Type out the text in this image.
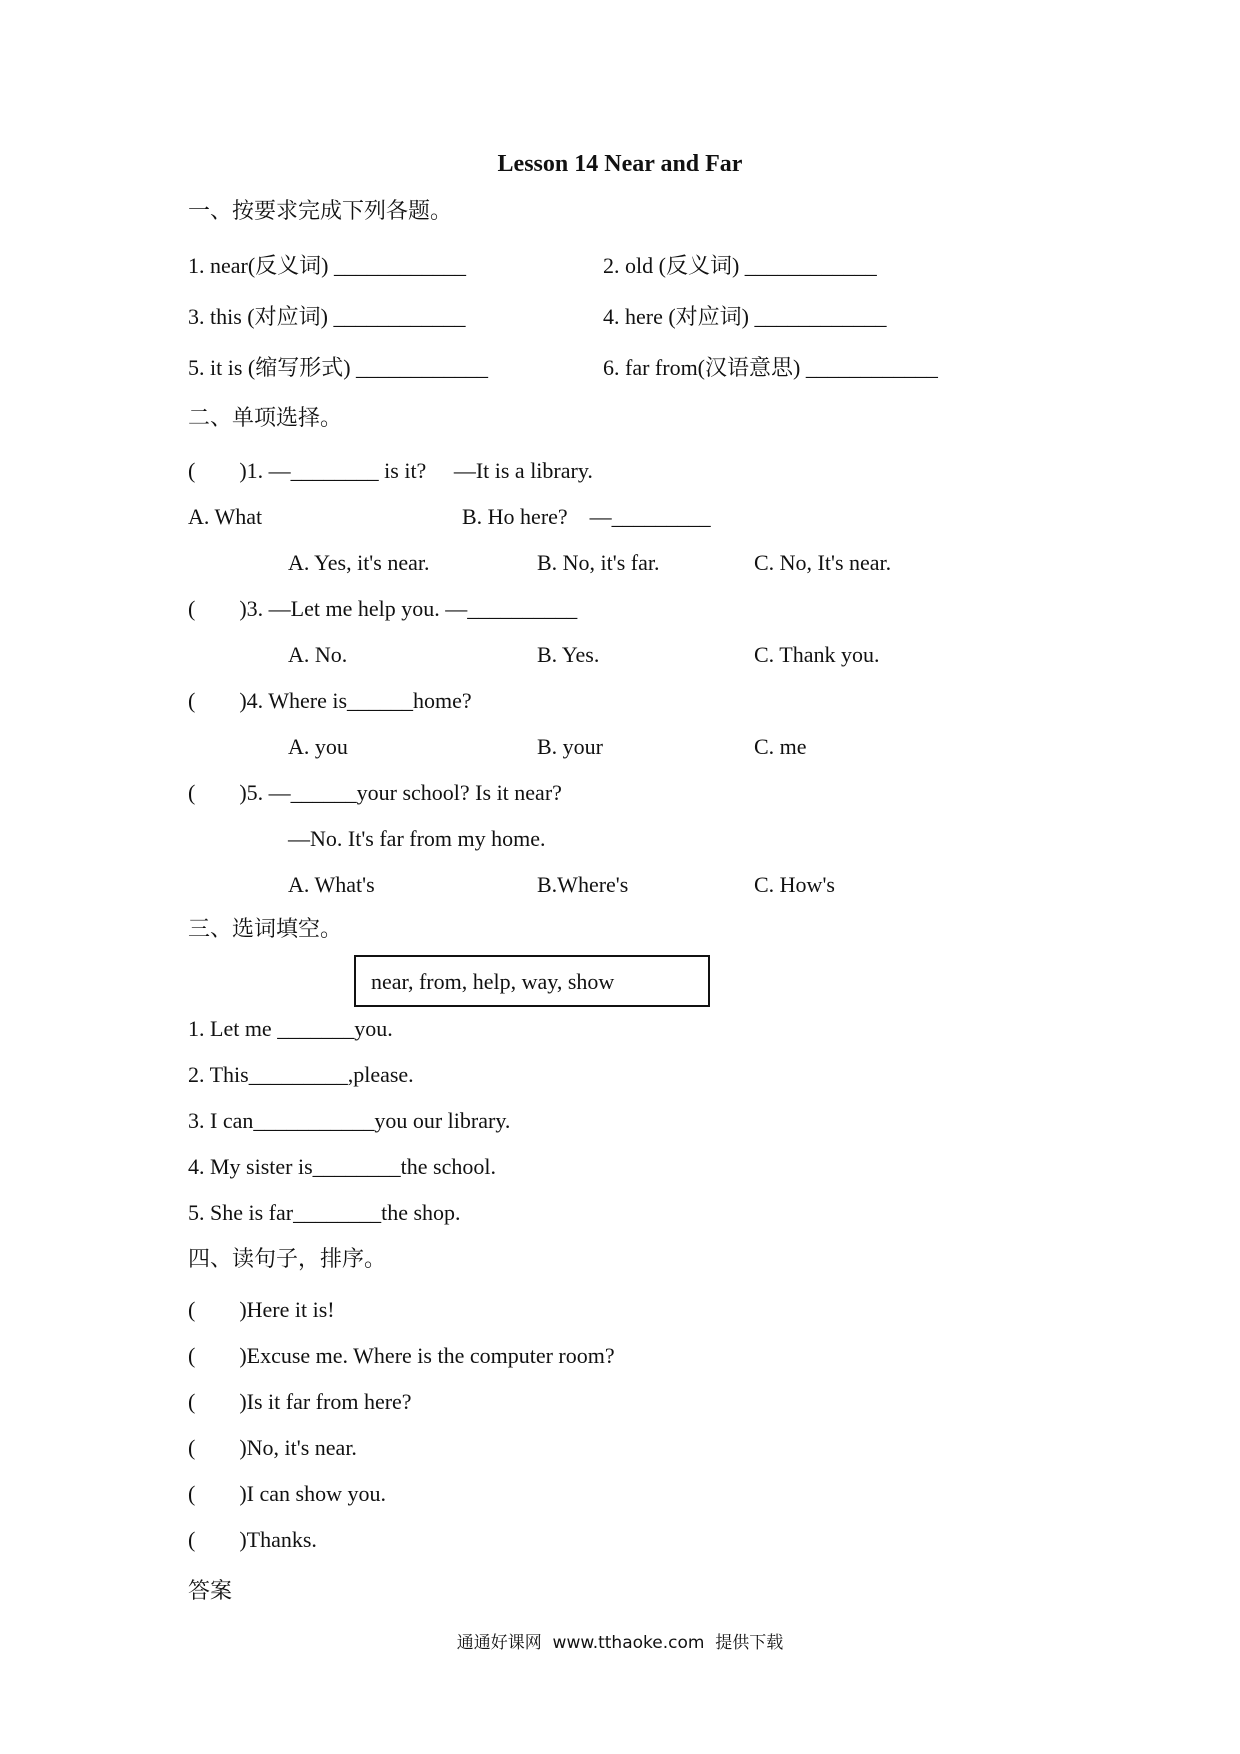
Lesson 14 Near and Far
一、按要求完成下列各题。
1. near(反义词) ____________	2. old (反义词) ____________
3. this (对应词) ____________	4. here (对应词) ____________
5. it is (缩写形式) ____________	6. far from(汉语意思) ____________
二、单项选择。
(        )1. —________ is it?     —It is a library.
A. What	B. Ho here?    —_________
A. Yes, it's near.	B. No, it's far.	C. No, It's near.
(        )3. —Let me help you. —__________
A. No.	B. Yes.	C. Thank you.
(        )4. Where is______home?
A. you	B. your	C. me
(        )5. —______your school? Is it near?
—No. It's far from my home.
A. What's	B.Where's	C. How's
三、选词填空。
near, from, help, way, show
1. Let me _______you.
2. This_________,please.
3. I can___________you our library.
4. My sister is________the school.
5. She is far________the shop.
四、读句子，排序。
(        )Here it is!
(        )Excuse me. Where is the computer room?
(        )Is it far from here?
(        )No, it's near.
(        )I can show you.
(        )Thanks.
答案
通通好课网  www.tthaoke.com  提供下载
